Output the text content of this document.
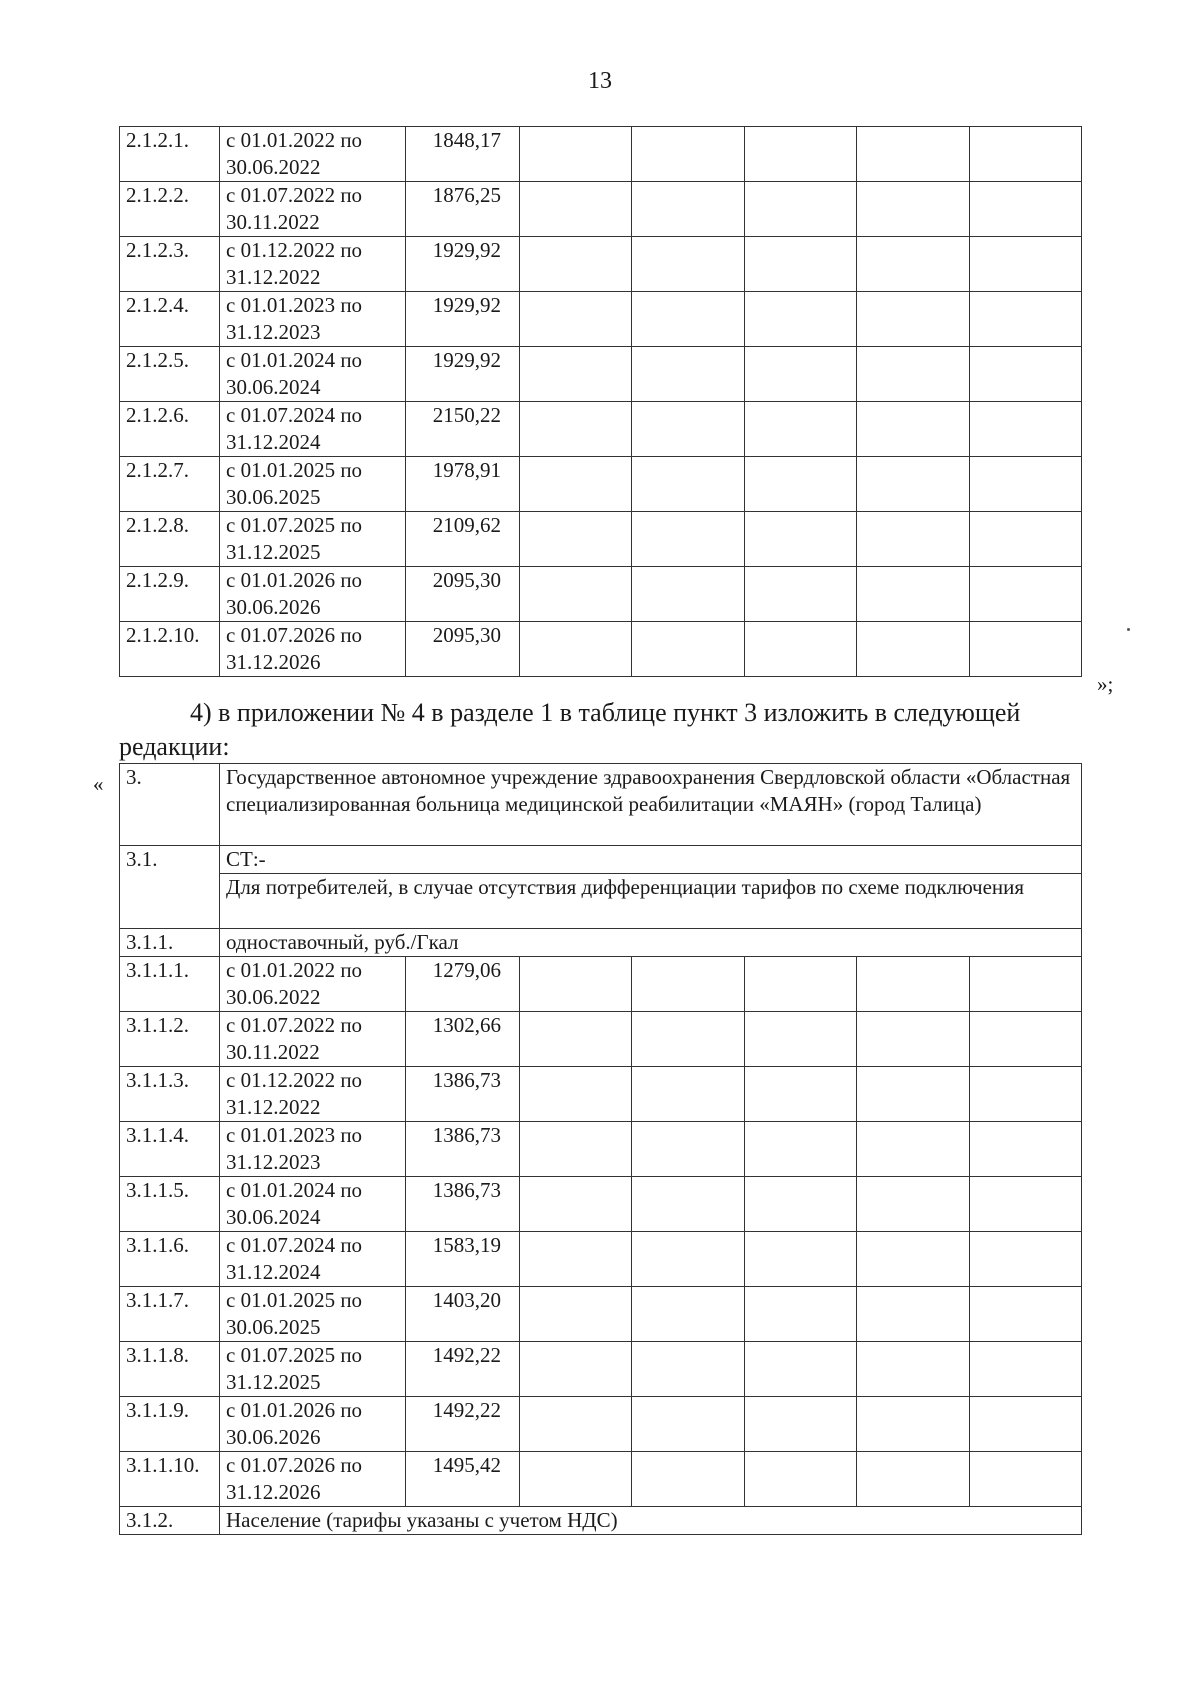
13
2.1.2.1.	с 01.01.2022 по 30.06.2022	1848,17					
2.1.2.2.	с 01.07.2022 по 30.11.2022	1876,25					
2.1.2.3.	с 01.12.2022 по 31.12.2022	1929,92					
2.1.2.4.	с 01.01.2023 по 31.12.2023	1929,92					
2.1.2.5.	с 01.01.2024 по 30.06.2024	1929,92					
2.1.2.6.	с 01.07.2024 по 31.12.2024	2150,22					
2.1.2.7.	с 01.01.2025 по 30.06.2025	1978,91					
2.1.2.8.	с 01.07.2025 по 31.12.2025	2109,62					
2.1.2.9.	с 01.01.2026 по 30.06.2026	2095,30					
2.1.2.10.	с 01.07.2026 по 31.12.2026	2095,30					
»;
4) в приложении № 4 в разделе 1 в таблице пункт 3 изложить в следующей
редакции:
« 3.	Государственное автономное учреждение здравоохранения Свердловской области «Областная специализированная больница медицинской реабилитации «МАЯН» (город Талица)						
3.1.	СТ:-						
	Для потребителей, в случае отсутствия дифференциации тарифов по схеме подключения						
3.1.1.	одноставочный, руб./Гкал						
3.1.1.1.	с 01.01.2022 по 30.06.2022	1279,06					
3.1.1.2.	с 01.07.2022 по 30.11.2022	1302,66					
3.1.1.3.	с 01.12.2022 по 31.12.2022	1386,73					
3.1.1.4.	с 01.01.2023 по 31.12.2023	1386,73					
3.1.1.5.	с 01.01.2024 по 30.06.2024	1386,73					
3.1.1.6.	с 01.07.2024 по 31.12.2024	1583,19					
3.1.1.7.	с 01.01.2025 по 30.06.2025	1403,20					
3.1.1.8.	с 01.07.2025 по 31.12.2025	1492,22					
3.1.1.9.	с 01.01.2026 по 30.06.2026	1492,22					
3.1.1.10.	с 01.07.2026 по 31.12.2026	1495,42					
3.1.2.	Население (тарифы указаны с учетом НДС)						
